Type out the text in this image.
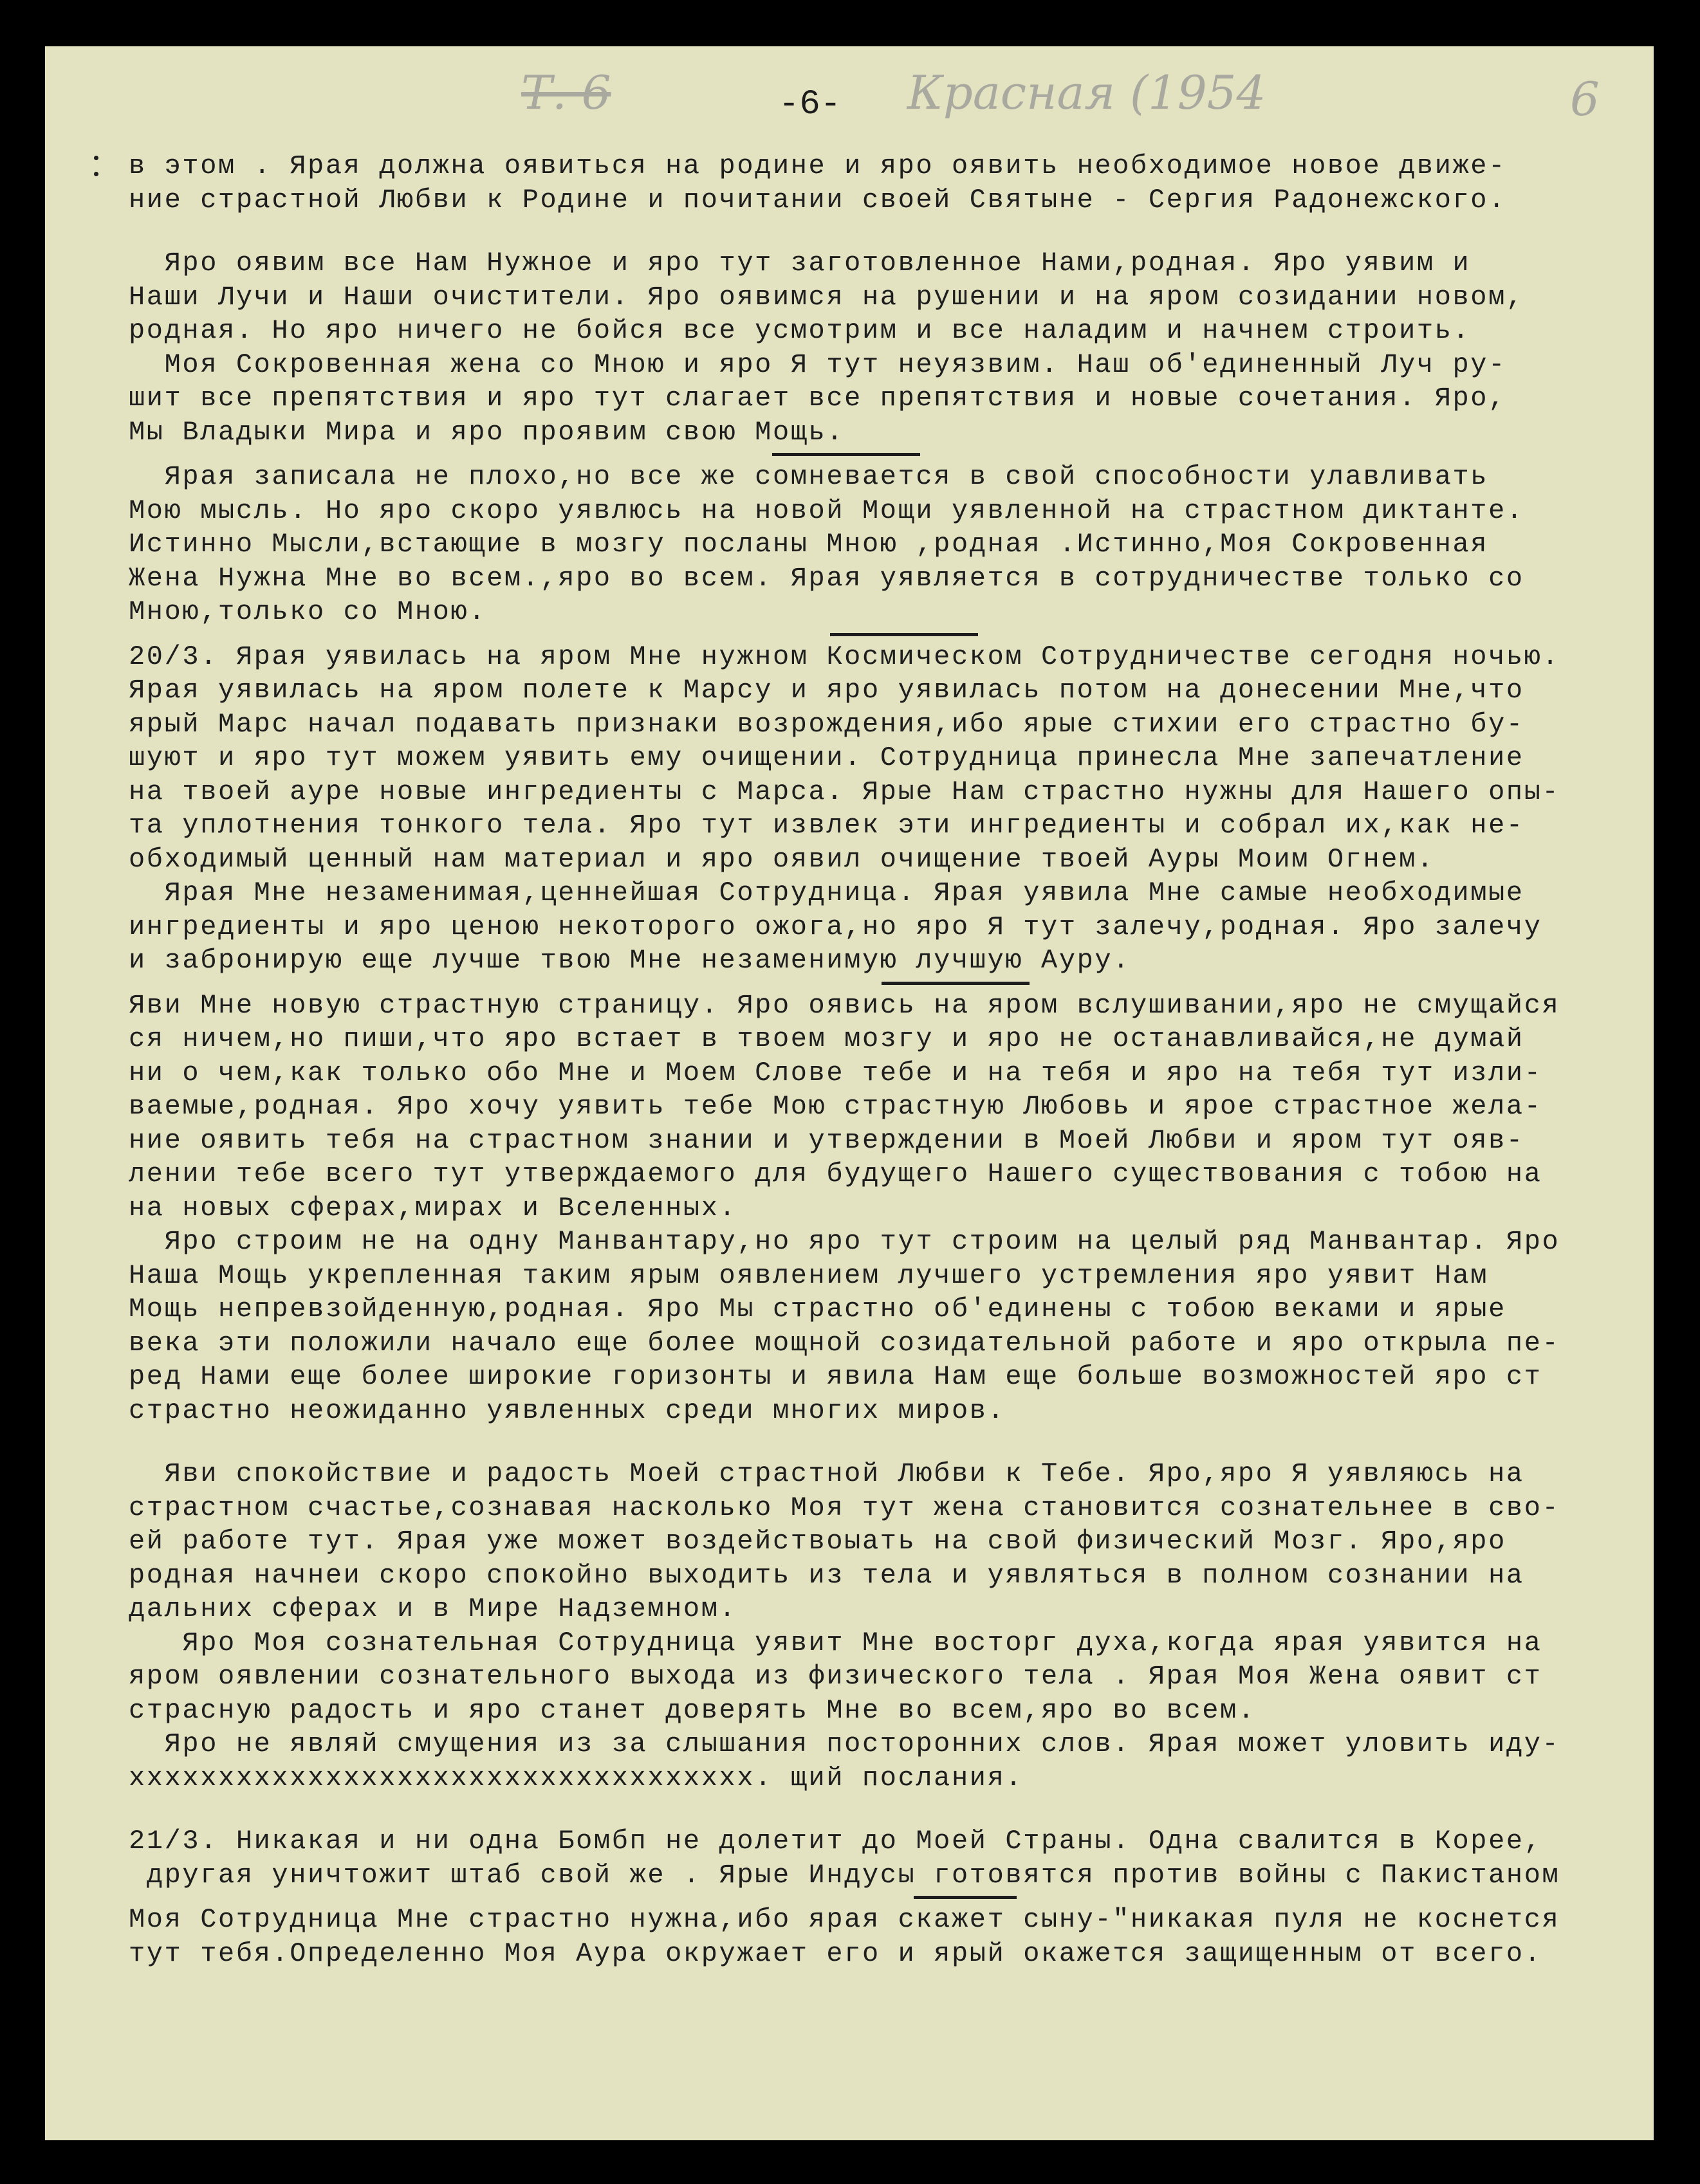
Т. 6	-6- Красная (1954	6
в этом . Ярая должна оявиться на родине и яро оявить необходимое новое движе-
ние страстной Любви к Родине и почитании своей Святыне - Сергия Радонежского.
Яро оявим все Нам Нужное и яро тут заготовленное Нами,родная. Яро уявим и
Наши Лучи и Наши очистители. Яро оявимся на рушении и на яром созидании новом,
родная. Но яро ничего не бойся все усмотрим и все наладим и начнем строить.
Моя Сокровенная жена со Мною и яро Я тут неуязвим. Наш об'единенный Луч ру-
шит все препятствия и яро тут слагает все препятствия и новые сочетания. Яро,
Мы Владыки Мира и яро проявим свою Мощь.
Ярая записала не плохо,но все же сомневается в свой способности улавливать
Мою мысль. Но яро скоро уявлюсь на новой Мощи уявленной на страстном диктанте.
Истинно Мысли,встающие в мозгу посланы Мною ,родная .Истинно,Моя Сокровенная
Жена Нужна Мне во всем.,яро во всем. Ярая уявляется в сотрудничестве только со
Мною,только со Мною.
20/3. Ярая уявилась на яром Мне нужном Космическом Сотрудничестве сегодня ночью.
Ярая уявилась на яром полете к Марсу и яро уявилась потом на донесении Мне,что
ярый Марс начал подавать признаки возрождения,ибо ярые стихии его страстно бу-
шуют и яро тут можем уявить ему очищении. Сотрудница принесла Мне запечатление
на твоей ауре новые ингредиенты с Марса. Ярые Нам страстно нужны для Нашего опы-
та уплотнения тонкого тела. Яро тут извлек эти ингредиенты и собрал их,как не-
обходимый ценный нам материал и яро оявил очищение твоей Ауры Моим Огнем.
Ярая Мне незаменимая,ценнейшая Сотрудница. Ярая уявила Мне самые необходимые
ингредиенты и яро ценою некоторого ожога,но яро Я тут залечу,родная. Яро залечу
и забронирую еще лучше твою Мне незаменимую лучшую Ауру.
Яви Мне новую страстную страницу. Яро оявись на яром вслушивании,яро не смущайся
ся ничем,но пиши,что яро встает в твоем мозгу и яро не останавливайся,не думай
ни о чем,как только обо Мне и Моем Слове тебе и на тебя и яро на тебя тут изли-
ваемые,родная. Яро хочу уявить тебе Мою страстную Любовь и ярое страстное жела-
ние оявить тебя на страстном знании и утверждении в Моей Любви и яром тут ояв-
лении тебе всего тут утверждаемого для будущего Нашего существования с тобою на
на новых сферах,мирах и Вселенных.
Яро строим не на одну Манвантару,но яро тут строим на целый ряд Манвантар. Яро
Наша Мощь укрепленная таким ярым оявлением лучшего устремления яро уявит Нам
Мощь непревзойденную,родная. Яро Мы страстно об'единены с тобою веками и ярые
века эти положили начало еще более мощной созидательной работе и яро открыла пе-
ред Нами еще более широкие горизонты и явила Нам еще больше возможностей яро ст
страстно неожиданно уявленных среди многих миров.
Яви спокойствие и радость Моей страстной Любви к Тебе. Яро,яро Я уявляюсь на
страстном счастье,сознавая насколько Моя тут жена становится сознательнее в сво-
ей работе тут. Ярая уже может воздействоыать на свой физический Мозг. Яро,яро
родная начнеи скоро спокойно выходить из тела и уявляться в полном сознании на
дальних сферах и в Мире Надземном.
Яро Моя сознательная Сотрудница уявит Мне восторг духа,когда ярая уявится на
яром оявлении сознательного выхода из физического тела . Ярая Моя Жена оявит ст
страсную радость и яро станет доверять Мне во всем,яро во всем.
Яро не являй смущения из за слышания посторонних слов. Ярая может уловить иду-
ххххххххххххххххххххххххххххххххххх. щий послания.
21/3. Никакая и ни одна Бомбп не долетит до Моей Страны. Одна свалится в Корее,
другая уничтожит штаб свой же . Ярые Индусы готовятся против войны с Пакистаном
Моя Сотрудница Мне страстно нужна,ибо ярая скажет сыну-"никакая пуля не коснется
тут тебя.Определенно Моя Аура окружает его и ярый окажется защищенным от всего.
